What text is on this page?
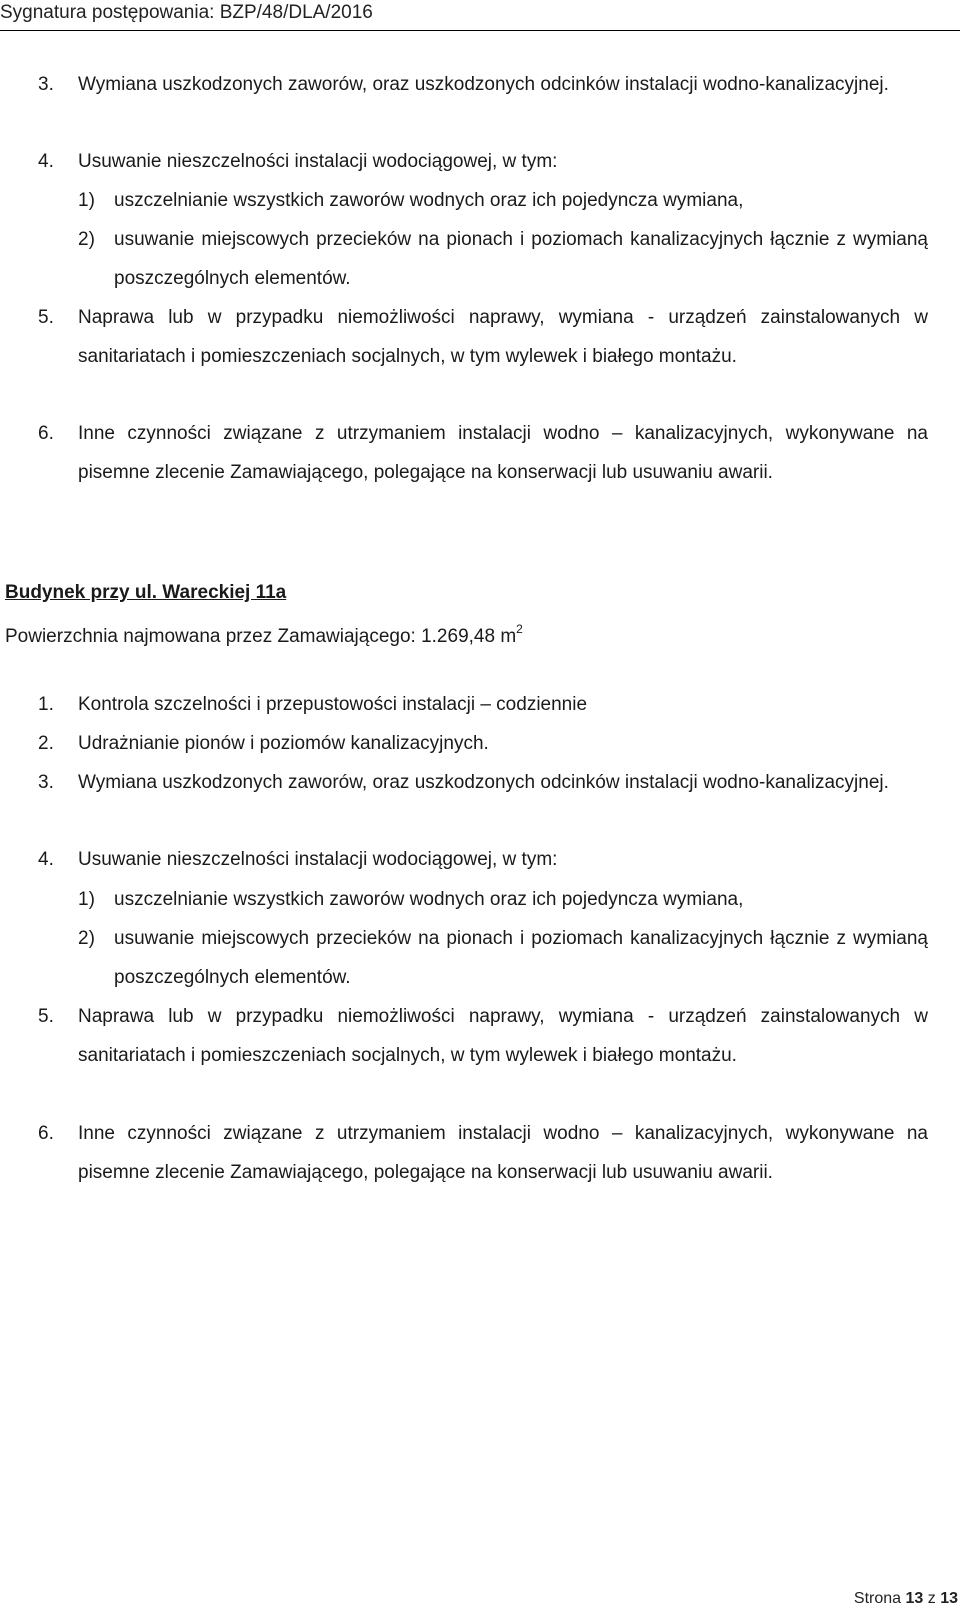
Sygnatura postępowania: BZP/48/DLA/2016
3. Wymiana uszkodzonych zaworów, oraz uszkodzonych odcinków instalacji wodno-kanalizacyjnej.
4. Usuwanie nieszczelności instalacji wodociągowej, w tym:
1) uszczelnianie wszystkich zaworów wodnych oraz ich pojedyncza wymiana,
2) usuwanie miejscowych przecieków na pionach i poziomach kanalizacyjnych łącznie z wymianą poszczególnych elementów.
5. Naprawa lub w przypadku niemożliwości naprawy, wymiana - urządzeń zainstalowanych w sanitariatach i pomieszczeniach socjalnych, w tym wylewek i białego montażu.
6. Inne czynności związane z utrzymaniem instalacji wodno – kanalizacyjnych, wykonywane na pisemne zlecenie Zamawiającego, polegające na konserwacji lub usuwaniu awarii.
Budynek przy ul. Wareckiej 11a
Powierzchnia najmowana przez Zamawiającego: 1.269,48 $m^2$
1. Kontrola szczelności i przepustowości instalacji – codziennie
2. Udrażnianie pionów i poziomów kanalizacyjnych.
3. Wymiana uszkodzonych zaworów, oraz uszkodzonych odcinków instalacji wodno-kanalizacyjnej.
4. Usuwanie nieszczelności instalacji wodociągowej, w tym:
1) uszczelnianie wszystkich zaworów wodnych oraz ich pojedyncza wymiana,
2) usuwanie miejscowych przecieków na pionach i poziomach kanalizacyjnych łącznie z wymianą poszczególnych elementów.
5. Naprawa lub w przypadku niemożliwości naprawy, wymiana - urządzeń zainstalowanych w sanitariatach i pomieszczeniach socjalnych, w tym wylewek i białego montażu.
6. Inne czynności związane z utrzymaniem instalacji wodno – kanalizacyjnych, wykonywane na pisemne zlecenie Zamawiającego, polegające na konserwacji lub usuwaniu awarii.
Strona 13 z 13
